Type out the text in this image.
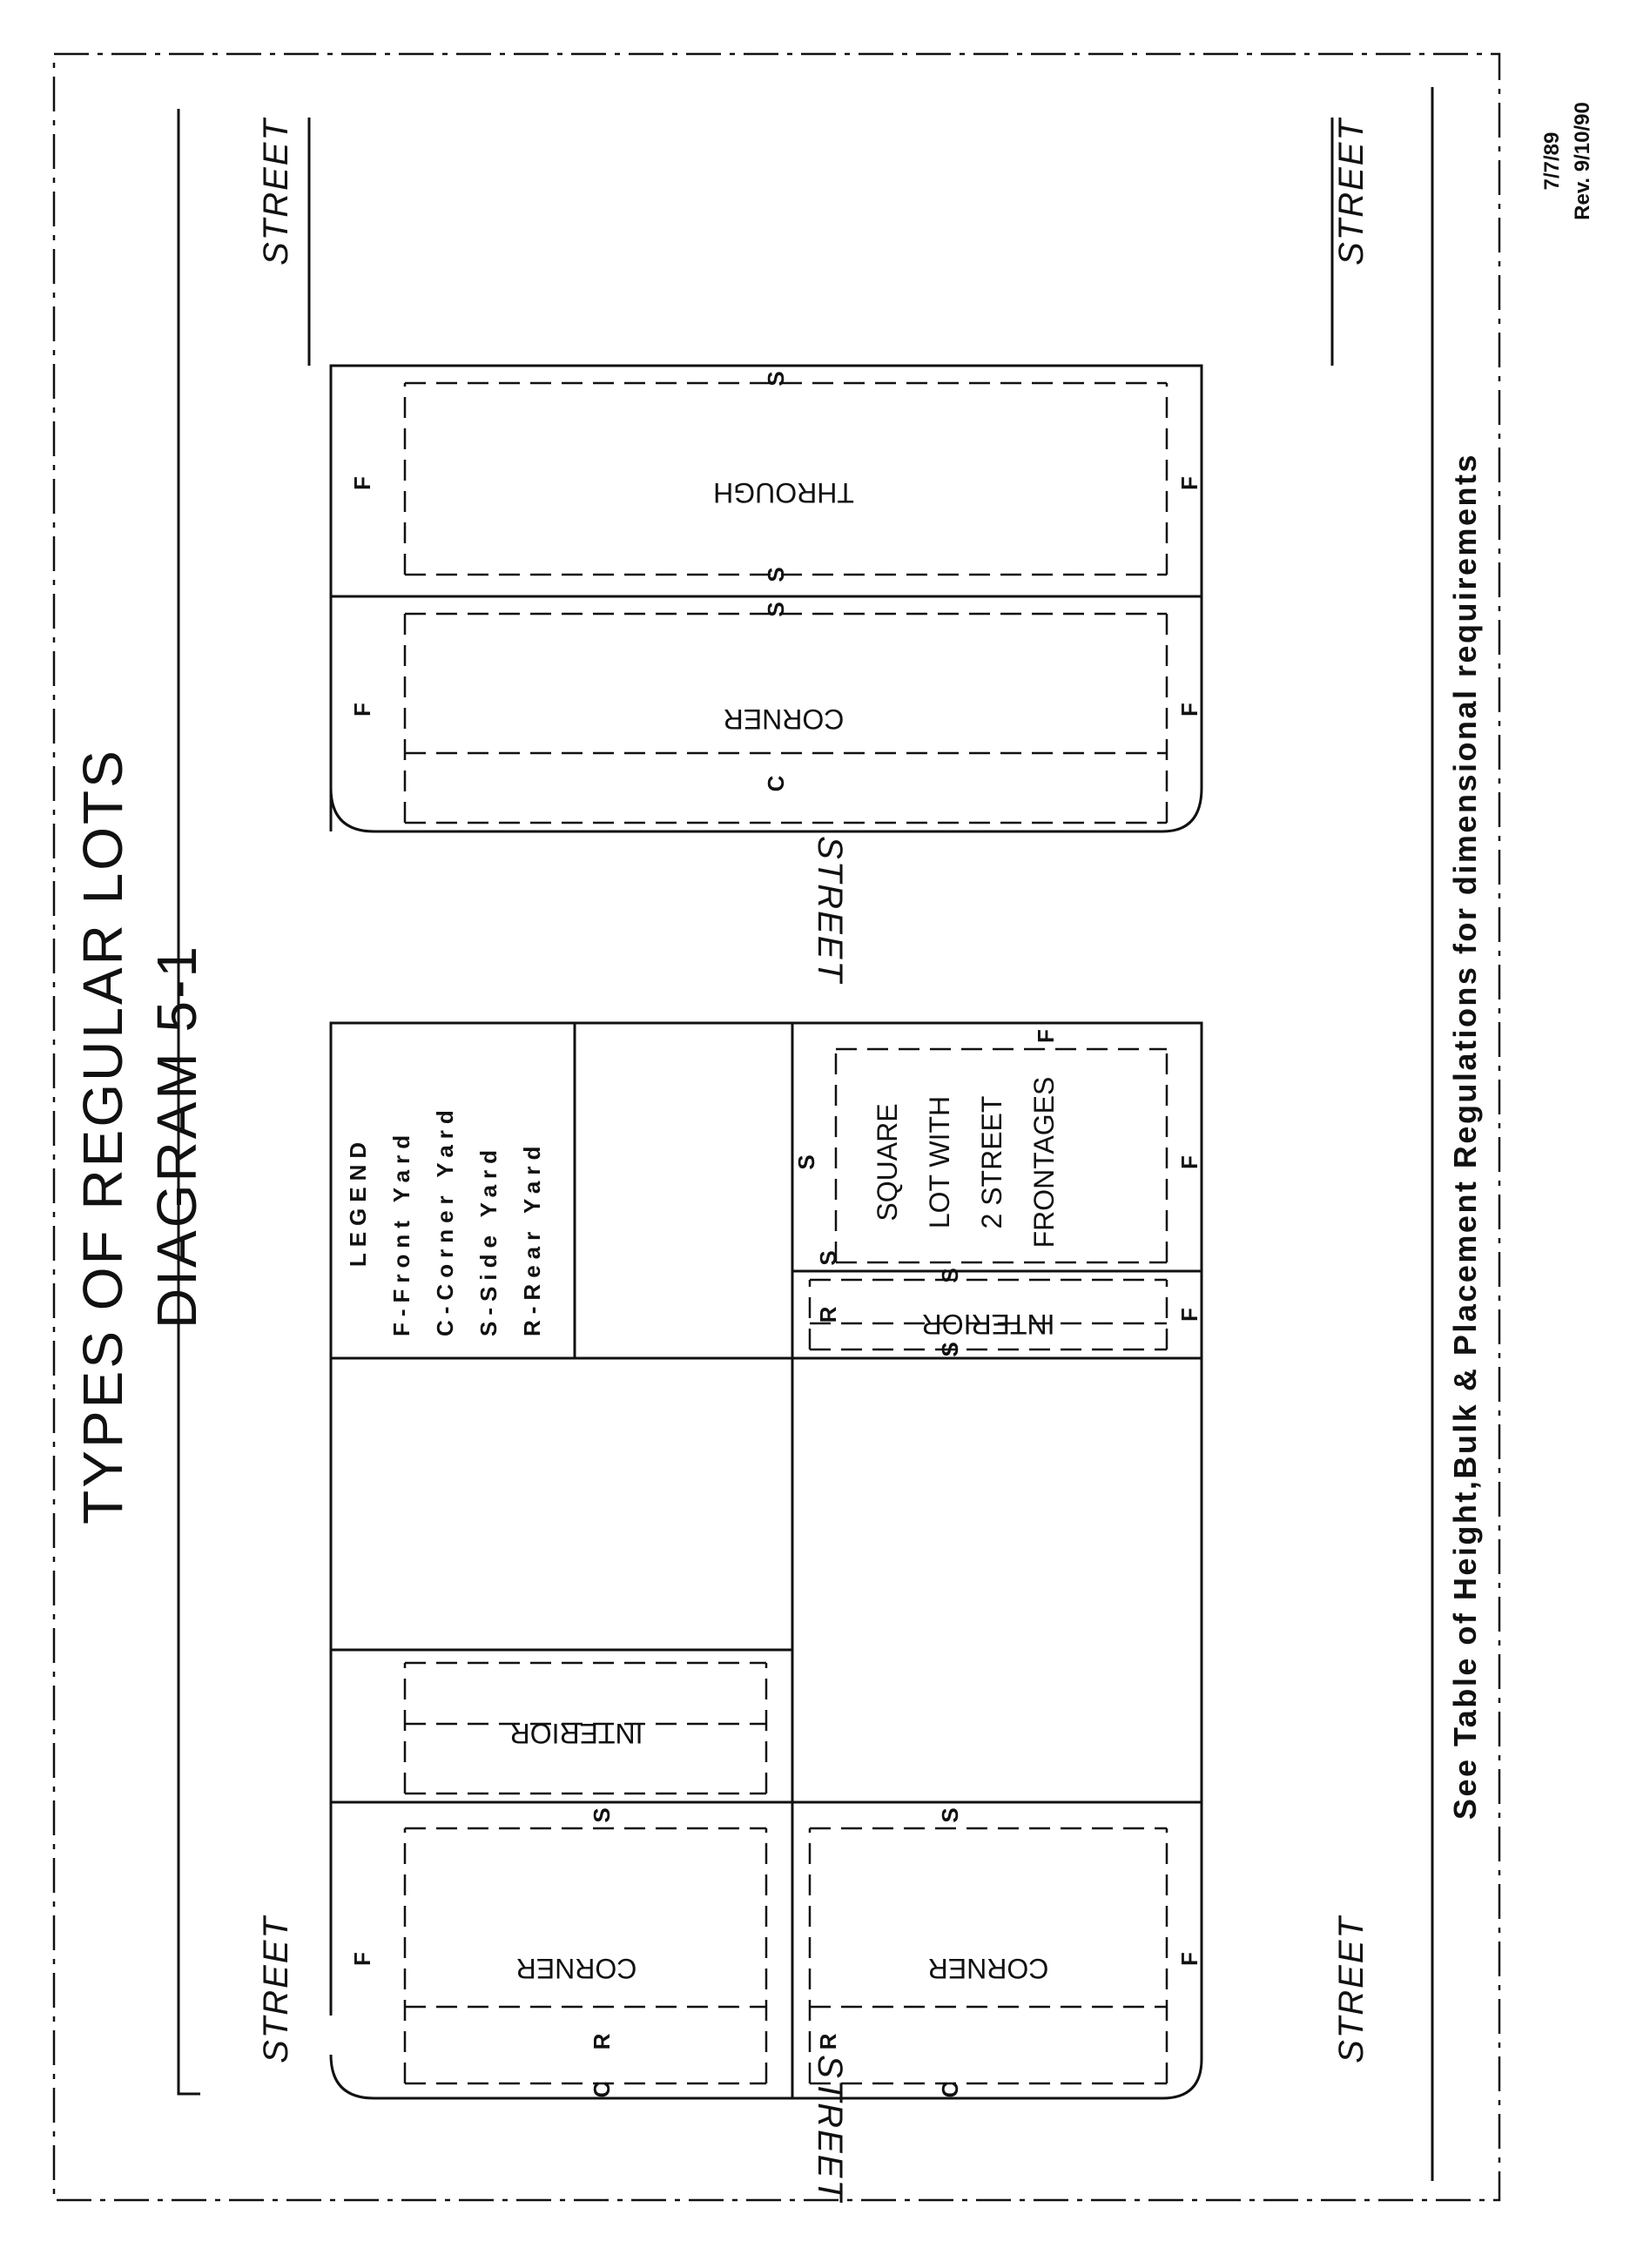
TYPES OF REGULAR LOTS DIAGRAM 5-1
STREET
STREET
STREET
STREET
STREET
STREET
CORNER
F
C
S
R
INTERIOR
LEGEND F-Front Yard C-Corner Yard S-Side Yard R-Rear Yard
CORNER	F
C
S
R
INTERIOR	F
R
S
S
SQUARE LOT WITH 2 STREET FRONTAGES	F
F
S
S
CORNER
F	F
C
S
THROUGH
F	F
S
S
See Table of Height,Bulk & Placement Regulations for dimensional requirements
7/7/89 Rev. 9/10/90
